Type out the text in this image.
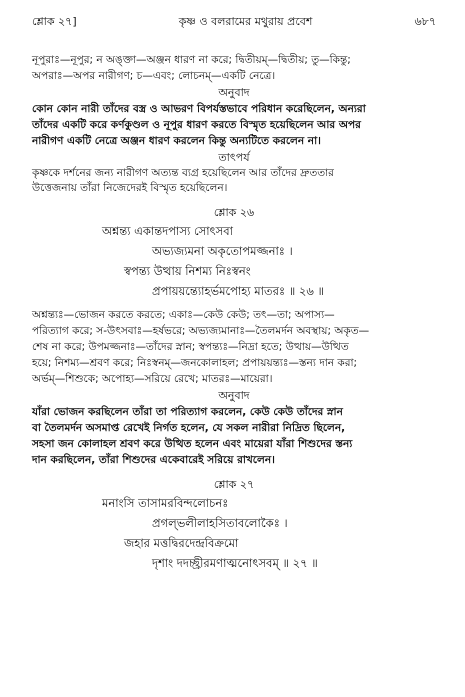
শ্লোক ২৭]	কৃষ্ণ ও বলরামের মথুরায় প্রবেশ	৬৮৭

নূপুরাঃ—নূপুর; ন অঙ্ক্তা—অঞ্জন ধারণ না করে; দ্বিতীয়ম্—দ্বিতীয়; তু—কিন্তু;

অপরাঃ—অপর নারীগণ; চ—এবং; লোচনম্—একটি নেত্রে।

অনুবাদ

কোন কোন নারী তাঁদের বস্ত্র ও আভরণ বিপর্যস্তভাবে পরিধান করেছিলেন, অন্যরা

তাঁদের একটি করে কর্ণকুণ্ডল ও নূপুর ধারণ করতে বিস্মৃত হয়েছিলেন আর অপর

নারীগণ একটি নেত্রে অঞ্জন ধারণ করলেন কিন্তু অন্যটিতে করলেন না।

তাৎপর্য

কৃষ্ণকে দর্শনের জন্য নারীগণ অত্যন্ত ব্যগ্র হয়েছিলেন আর তাঁদের দ্রুততার

উত্তেজনায় তাঁরা নিজেদেরই বিস্মৃত হয়েছিলেন।

শ্লোক ২৬
অশ্নন্ত্য একান্তদপাস্য সোৎসবা
অভ্যজ্যমনা অকৃতোপমজ্জনাঃ ।
স্বপন্ত্য উত্থায় নিশম্য নিঃস্বনং
প্রপায়য়ন্ত্যোহর্ভমপোহ্য মাতরঃ ॥ ২৬ ॥

অশ্নন্ত্যঃ—ভোজন করতে করতে; একাঃ—কেউ কেউ; তৎ—তা; অপাস্য—

পরিত্যাগ করে; স-উৎসবাঃ—হর্ষভরে; অভ্যজ্যমানাঃ—তৈলমর্দন অবস্থায়; অকৃত—

শেষ না করে; উপমজ্জনাঃ—তাঁদের স্নান; স্বপন্ত্যঃ—নিদ্রা হতে; উত্থায়—উত্থিত

হয়ে; নিশম্য—শ্রবণ করে; নিঃস্বনম্—জনকোলাহল; প্রপায়য়ন্ত্যঃ—স্তন্য দান করা;

অর্ভম্—শিশুকে; অপোহ্য—সরিয়ে রেখে; মাতরঃ—মায়েরা।

অনুবাদ

যাঁরা ভোজন করছিলেন তাঁরা তা পরিত্যাগ করলেন, কেউ কেউ তাঁদের স্নান

বা তৈলমর্দন অসমাপ্ত রেখেই নির্গত হলেন, যে সকল নারীরা নিদ্রিত ছিলেন,

সহসা জন কোলাহল শ্রবণ করে উত্থিত হলেন এবং মায়েরা যাঁরা শিশুদের স্তন্য

দান করছিলেন, তাঁরা শিশুদের একেবারেই সরিয়ে রাখলেন।

শ্লোক ২৭
মনাংসি তাসামরবিন্দলোচনঃ
প্রগল্‌ভলীলাহসিতাবলোকৈঃ ।
জহার মত্তদ্বিরদেন্দ্রবিক্রমো
দৃশাং দদচ্ছ্রীরমণাত্মনোৎসবম্ ॥ ২৭ ॥
